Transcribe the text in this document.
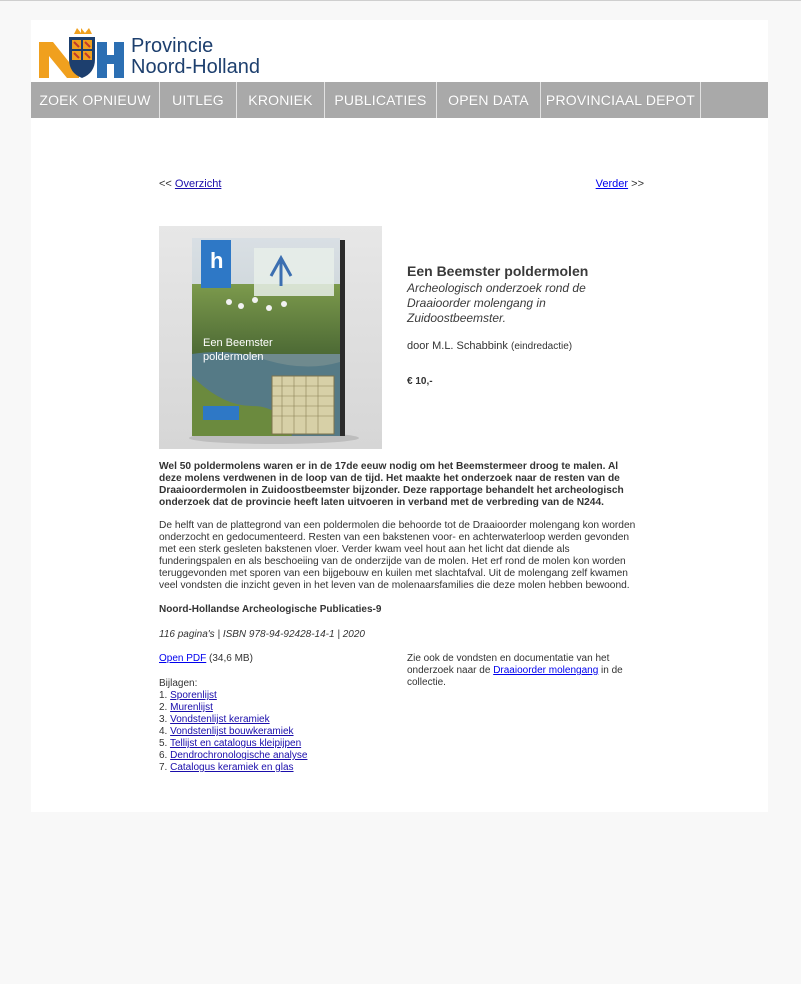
Provincie
Noord-Holland
ZOEK OPNIEUW	UITLEG	KRONIEK	PUBLICATIES	OPEN DATA	PROVINCIAAL DEPOT
<< Overzicht	Verder >>
h
Een Beemster
poldermolen
Een Beemster poldermolen
Archeologisch onderzoek rond de Draaioorder molengang in Zuidoostbeemster.
door M.L. Schabbink (eindredactie)
€ 10,-
Wel 50 poldermolens waren er in de 17de eeuw nodig om het Beemstermeer droog te malen. Al deze molens verdwenen in de loop van de tijd. Het maakte het onderzoek naar de resten van de Draaioordermolen in Zuidoostbeemster bijzonder. Deze rapportage behandelt het archeologisch onderzoek dat de provincie heeft laten uitvoeren in verband met de verbreding van de N244.
De helft van de plattegrond van een poldermolen die behoorde tot de Draaioorder molengang kon worden onderzocht en gedocumenteerd. Resten van een bakstenen voor- en achterwaterloop werden gevonden met een sterk gesleten bakstenen vloer. Verder kwam veel hout aan het licht dat diende als funderingspalen en als beschoeiing van de onderzijde van de molen. Het erf rond de molen kon worden teruggevonden met sporen van een bijgebouw en kuilen met slachtafval. Uit de molengang zelf kwamen veel vondsten die inzicht geven in het leven van de molenaarsfamilies die deze molen hebben bewoond.
Noord-Hollandse Archeologische Publicaties-9
116 pagina's | ISBN 978-94-92428-14-1 | 2020
Open PDF (34,6 MB)
Bijlagen:
1. Sporenlijst
2. Murenlijst
3. Vondstenlijst keramiek
4. Vondstenlijst bouwkeramiek
5. Tellijst en catalogus kleipijpen
6. Dendrochronologische analyse
7. Catalogus keramiek en glas
Zie ook de vondsten en documentatie van het onderzoek naar de Draaioorder molengang in de collectie.
